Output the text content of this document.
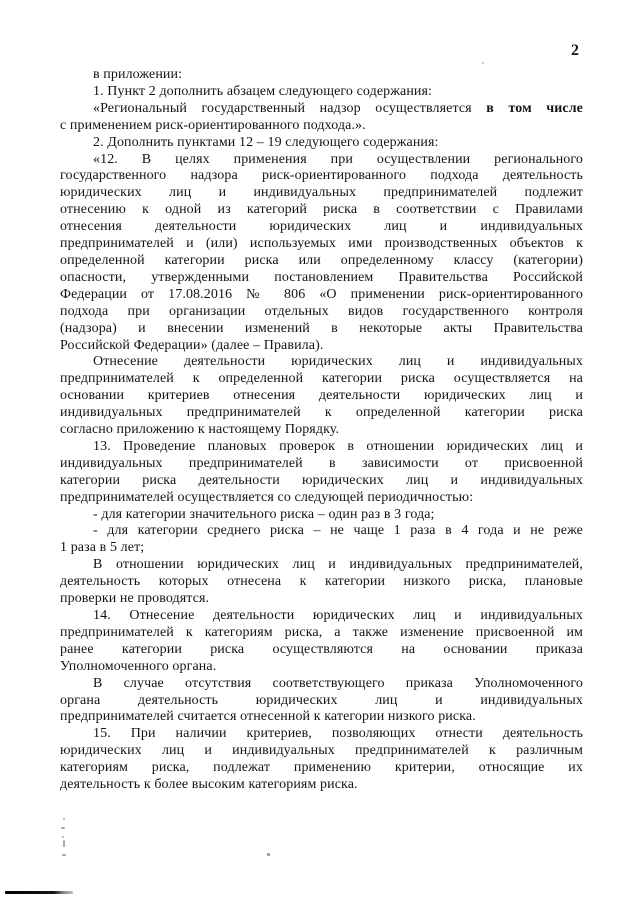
2
в приложении:
1. Пункт 2 дополнить абзацем следующего содержания:
«Региональный государственный надзор осуществляется в том числе
с применением риск-ориентированного подхода.».
2. Дополнить пунктами 12 – 19 следующего содержания:
«12. В целях применения при осуществлении регионального
государственного надзора риск-ориентированного подхода деятельность
юридических лиц и индивидуальных предпринимателей подлежит
отнесению к одной из категорий риска в соответствии с Правилами
отнесения деятельности юридических лиц и индивидуальных
предпринимателей и (или) используемых ими производственных объектов к
определенной категории риска или определенному классу (категории)
опасности, утвержденными постановлением Правительства Российской
Федерации от 17.08.2016 № 806 «О применении риск-ориентированного
подхода при организации отдельных видов государственного контроля
(надзора) и внесении изменений в некоторые акты Правительства
Российской Федерации» (далее – Правила).
Отнесение деятельности юридических лиц и индивидуальных
предпринимателей к определенной категории риска осуществляется на
основании критериев отнесения деятельности юридических лиц и
индивидуальных предпринимателей к определенной категории риска
согласно приложению к настоящему Порядку.
13. Проведение плановых проверок в отношении юридических лиц и
индивидуальных предпринимателей в зависимости от присвоенной
категории риска деятельности юридических лиц и индивидуальных
предпринимателей осуществляется со следующей периодичностью:
- для категории значительного риска – один раз в 3 года;
- для категории среднего риска – не чаще 1 раза в 4 года и не реже
1 раза в 5 лет;
В отношении юридических лиц и индивидуальных предпринимателей,
деятельность которых отнесена к категории низкого риска, плановые
проверки не проводятся.
14. Отнесение деятельности юридических лиц и индивидуальных
предпринимателей к категориям риска, а также изменение присвоенной им
ранее категории риска осуществляются на основании приказа
Уполномоченного органа.
В случае отсутствия соответствующего приказа Уполномоченного
органа деятельность юридических лиц и индивидуальных
предпринимателей считается отнесенной к категории низкого риска.
15. При наличии критериев, позволяющих отнести деятельность
юридических лиц и индивидуальных предпринимателей к различным
категориям риска, подлежат применению критерии, относящие их
деятельность к более высоким категориям риска.
